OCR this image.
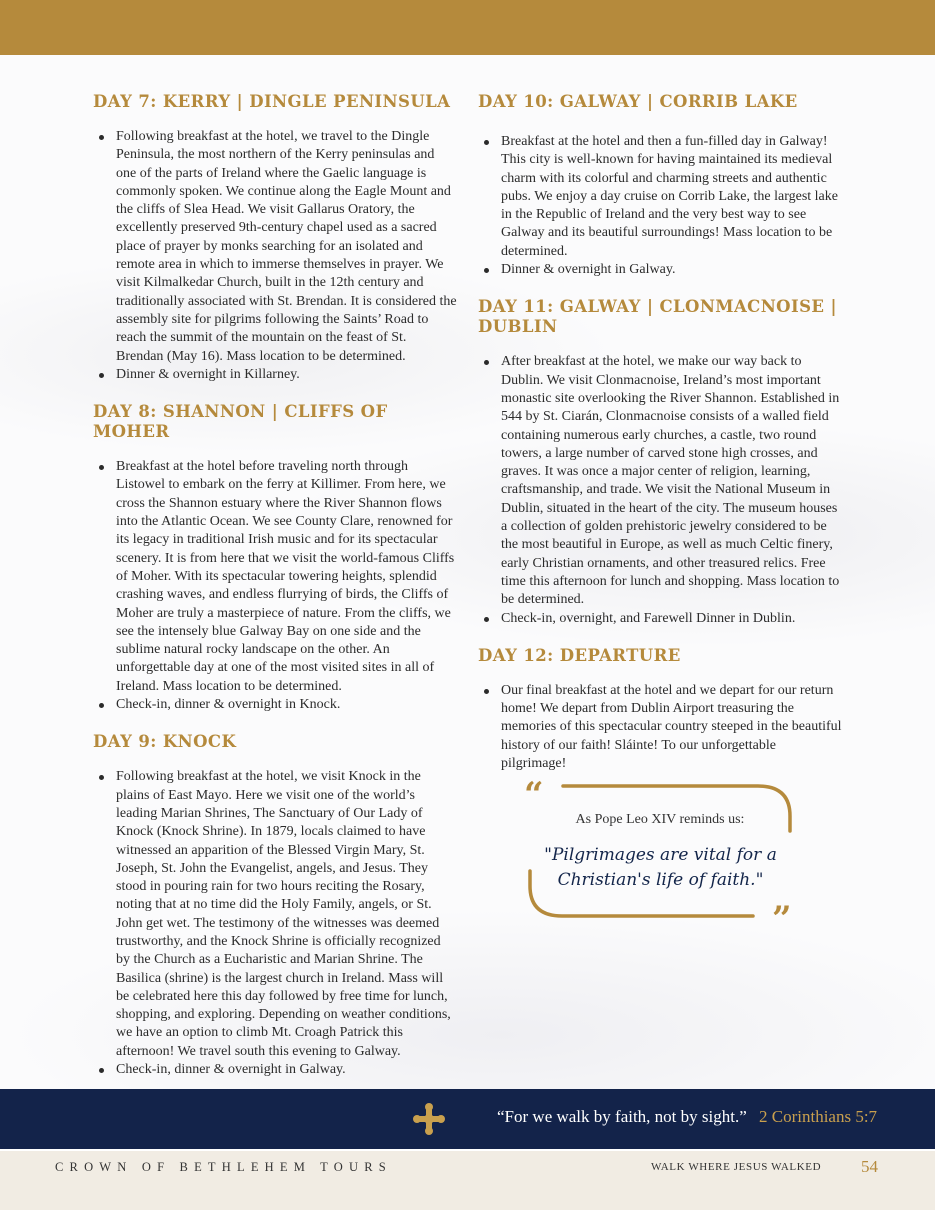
DAY 7: KERRY | DINGLE PENINSULA
Following breakfast at the hotel, we travel to the Dingle Peninsula, the most northern of the Kerry peninsulas and one of the parts of Ireland where the Gaelic language is commonly spoken. We continue along the Eagle Mount and the cliffs of Slea Head. We visit Gallarus Oratory, the excellently preserved 9th-century chapel used as a sacred place of prayer by monks searching for an isolated and remote area in which to immerse themselves in prayer. We visit Kilmalkedar Church, built in the 12th century and traditionally associated with St. Brendan. It is considered the assembly site for pilgrims following the Saints’ Road to reach the summit of the mountain on the feast of St. Brendan (May 16). Mass location to be determined.
Dinner & overnight in Killarney.
DAY 8: SHANNON | CLIFFS OF MOHER
Breakfast at the hotel before traveling north through Listowel to embark on the ferry at Killimer. From here, we cross the Shannon estuary where the River Shannon flows into the Atlantic Ocean. We see County Clare, renowned for its legacy in traditional Irish music and for its spectacular scenery. It is from here that we visit the world-famous Cliffs of Moher. With its spectacular towering heights, splendid crashing waves, and endless flurrying of birds, the Cliffs of Moher are truly a masterpiece of nature. From the cliffs, we see the intensely blue Galway Bay on one side and the sublime natural rocky landscape on the other. An unforgettable day at one of the most visited sites in all of Ireland. Mass location to be determined.
Check-in, dinner & overnight in Knock.
DAY 9: KNOCK
Following breakfast at the hotel, we visit Knock in the plains of East Mayo. Here we visit one of the world’s leading Marian Shrines, The Sanctuary of Our Lady of Knock (Knock Shrine). In 1879, locals claimed to have witnessed an apparition of the Blessed Virgin Mary, St. Joseph, St. John the Evangelist, angels, and Jesus. They stood in pouring rain for two hours reciting the Rosary, noting that at no time did the Holy Family, angels, or St. John get wet. The testimony of the witnesses was deemed trustworthy, and the Knock Shrine is officially recognized by the Church as a Eucharistic and Marian Shrine. The Basilica (shrine) is the largest church in Ireland. Mass will be celebrated here this day followed by free time for lunch, shopping, and exploring. Depending on weather conditions, we have an option to climb Mt. Croagh Patrick this afternoon! We travel south this evening to Galway.
Check-in, dinner & overnight in Galway.
DAY 10: GALWAY | CORRIB LAKE
Breakfast at the hotel and then a fun-filled day in Galway! This city is well-known for having maintained its medieval charm with its colorful and charming streets and authentic pubs. We enjoy a day cruise on Corrib Lake, the largest lake in the Republic of Ireland and the very best way to see Galway and its beautiful surroundings! Mass location to be determined.
Dinner & overnight in Galway.
DAY 11: GALWAY | CLONMACNOISE | DUBLIN
After breakfast at the hotel, we make our way back to Dublin. We visit Clonmacnoise, Ireland’s most important monastic site overlooking the River Shannon. Established in 544 by St. Ciarán, Clonmacnoise consists of a walled field containing numerous early churches, a castle, two round towers, a large number of carved stone high crosses, and graves. It was once a major center of religion, learning, craftsmanship, and trade. We visit the National Museum in Dublin, situated in the heart of the city. The museum houses a collection of golden prehistoric jewelry considered to be the most beautiful in Europe, as well as much Celtic finery, early Christian ornaments, and other treasured relics. Free time this afternoon for lunch and shopping. Mass location to be determined.
Check-in, overnight, and Farewell Dinner in Dublin.
DAY 12: DEPARTURE
Our final breakfast at the hotel and we depart for our return home! We depart from Dublin Airport treasuring the memories of this spectacular country steeped in the beautiful history of our faith! Sláinte! To our unforgettable pilgrimage!
“
”
As Pope Leo XIV reminds us:
"Pilgrimages are vital for a Christian's life of faith."
“For we walk by faith, not by sight.” 2 Corinthians 5:7
CROWN OF BETHLEHEM TOURS	WALK WHERE JESUS WALKED 54
